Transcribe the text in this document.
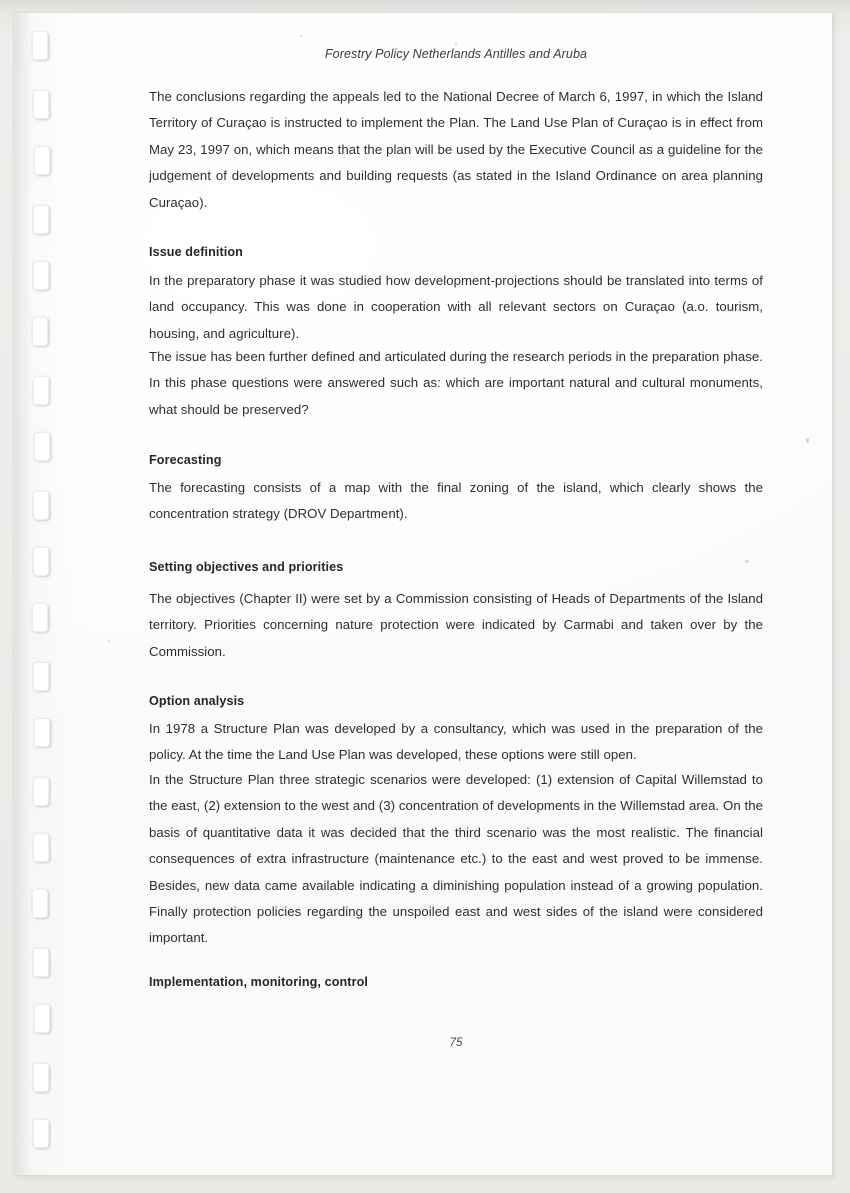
Forestry Policy Netherlands Antilles and Aruba
The conclusions regarding the appeals led to the National Decree of March 6, 1997, in which the Island Territory of Curaçao is instructed to implement the Plan. The Land Use Plan of Curaçao is in effect from May 23, 1997 on, which means that the plan will be used by the Executive Council as a guideline for the judgement of developments and building requests (as stated in the Island Ordinance on area planning Curaçao).
Issue definition
In the preparatory phase it was studied how development-projections should be translated into terms of land occupancy. This was done in cooperation with all relevant sectors on Curaçao (a.o. tourism, housing, and agriculture).
The issue has been further defined and articulated during the research periods in the preparation phase. In this phase questions were answered such as: which are important natural and cultural monuments, what should be preserved?
Forecasting
The forecasting consists of a map with the final zoning of the island, which clearly shows the concentration strategy (DROV Department).
Setting objectives and priorities
The objectives (Chapter II) were set by a Commission consisting of Heads of Departments of the Island territory. Priorities concerning nature protection were indicated by Carmabi and taken over by the Commission.
Option analysis
In 1978 a Structure Plan was developed by a consultancy, which was used in the preparation of the policy. At the time the Land Use Plan was developed, these options were still open.
In the Structure Plan three strategic scenarios were developed: (1) extension of Capital Willemstad to the east, (2) extension to the west and (3) concentration of developments in the Willemstad area. On the basis of quantitative data it was decided that the third scenario was the most realistic. The financial consequences of extra infrastructure (maintenance etc.) to the east and west proved to be immense. Besides, new data came available indicating a diminishing population instead of a growing population. Finally protection policies regarding the unspoiled east and west sides of the island were considered important.
Implementation, monitoring, control
75
